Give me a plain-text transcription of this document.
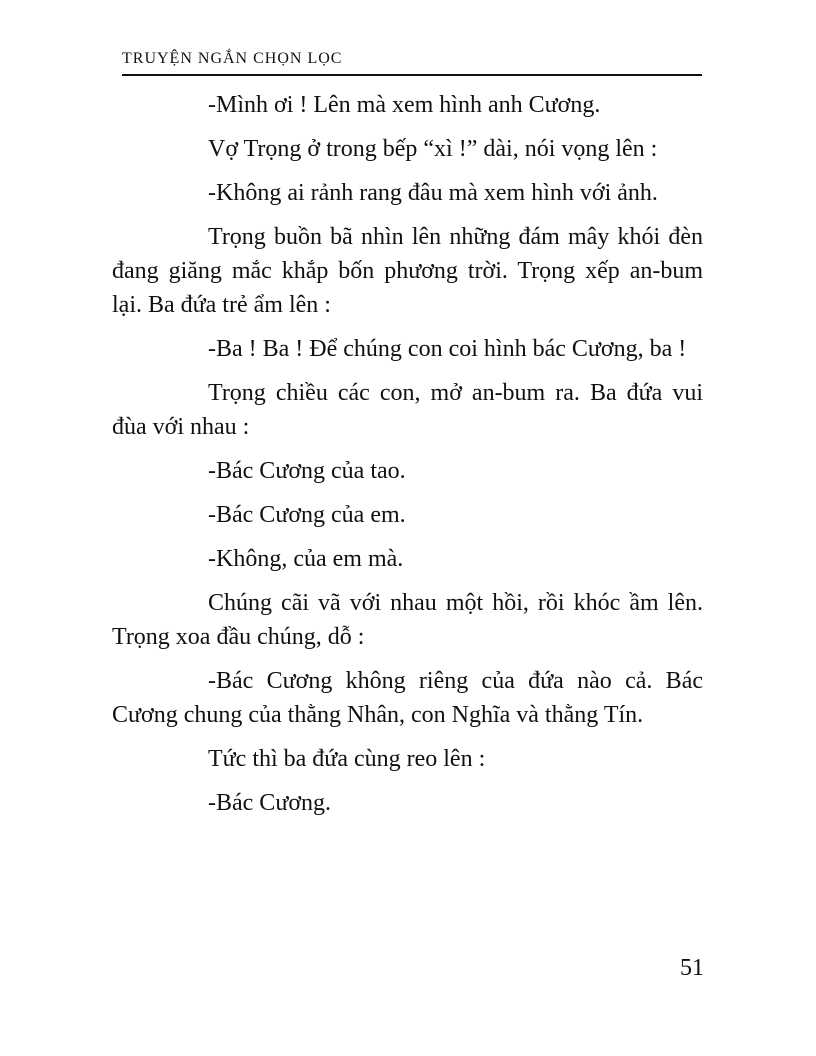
TRUYỆN NGẮN CHỌN LỌC

-Mình ơi ! Lên mà xem hình anh Cương.

Vợ Trọng ở trong bếp “xì !” dài, nói vọng lên :

-Không ai rảnh rang đâu mà xem hình với ảnh.

Trọng buồn bã nhìn lên những đám mây khói đèn đang giăng mắc khắp bốn phương trời. Trọng xếp an-bum lại. Ba đứa trẻ ẩm lên :

-Ba ! Ba ! Để chúng con coi hình bác Cương, ba !

Trọng chiều các con, mở an-bum ra. Ba đứa vui đùa với nhau :

-Bác Cương của tao.

-Bác Cương của em.

-Không, của em mà.

Chúng cãi vã với nhau một hồi, rồi khóc ầm lên. Trọng xoa đầu chúng, dỗ :

-Bác Cương không riêng của đứa nào cả. Bác Cương chung của thằng Nhân, con Nghĩa và thằng Tín.

Tức thì ba đứa cùng reo lên :

-Bác Cương.

51
